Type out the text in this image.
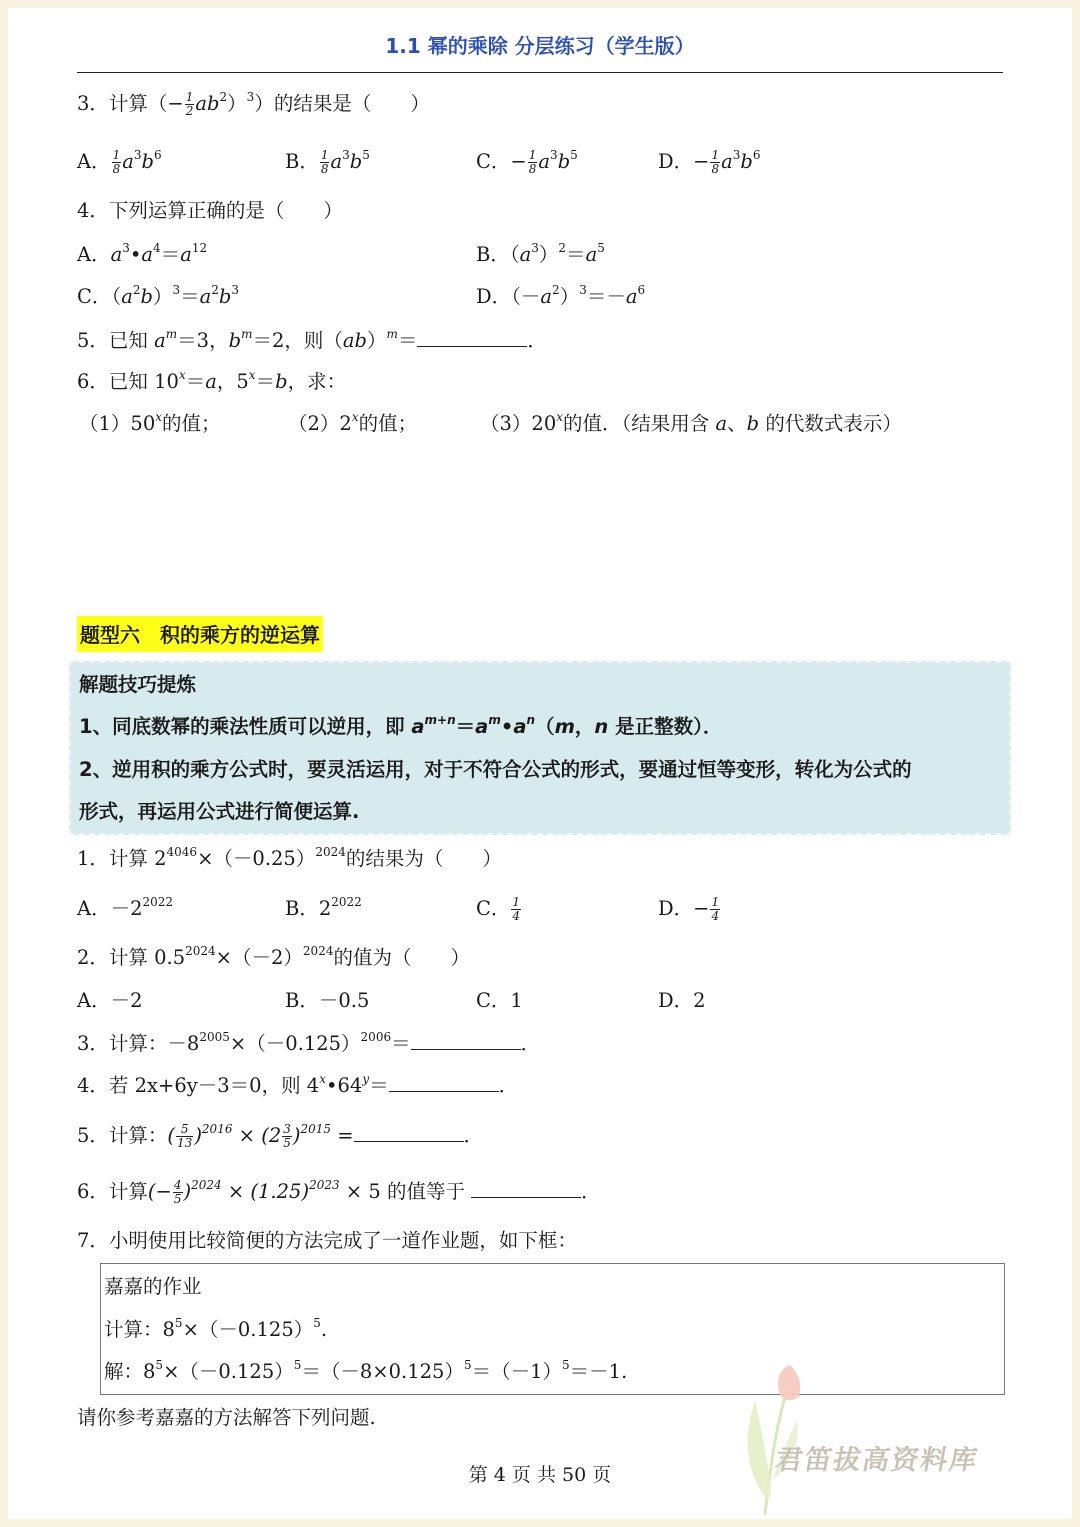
1.1 幂的乘除 分层练习（学生版）
3．计算（− $\frac{1}{2} ab^2)^3$）的结果是（　　）
A． $\frac{1}{8} a^3b^6$	B． $\frac{1}{8} a^3b^5$	C．− $\frac{1}{8} a^3b^5$	D．− $\frac{1}{8} a^3b^6$
4．下列运算正确的是（　　）
A．$a^3•a^4=a^{12}$	B．$(a^3)^2=a^5$
C．$(a^2b)^3=a^2b^3$	D．$(-a^2)^3=-a^6$
5．已知 $a^m=3$，$b^m=2$，则（ab）$^m$＝	．
6．已知 $10^x=a$，$5^x=b$，求：
（1）50$^x$的值；	（2）2$^x$的值；	（3）20$^x$的值．（结果用含 a、b 的代数式表示）
题型六　积的乘方的逆运算
解题技巧提炼
1、同底数幂的乘法性质可以逆用，即 $a^{m+n}=a^m•a^n(m$，n 是正整数）．
2、逆用积的乘方公式时，要灵活运用，对于不符合公式的形式，要通过恒等变形，转化为公式的
形式，再运用公式进行简便运算.
1．计算 $2^{4046}\times(-0.25)^{2024}$的结果为（　　）
A．$-2^{2022}$	B．$2^{2022}$	C． $\frac{1}{4}$	D．− $\frac{1}{4}$
2．计算 $0.5^{2024}\times(-2)^{2024}$的值为（　　）
A．－2	B．－0.5	C．1	D．2
3．计算：$-8^{2005}\times(-0.125)^{2006}=$	．
4．若 2x+6y－3＝0，则 $4^x•64^y=$	．
5．计算：( $\frac{5}{13} )^{2016} \times (2 \frac{3}{5} )^{2015}$ =	．
6．计算(− $\frac{4}{5} )^{2024} \times (1.25)^{2023} \times 5$ 的值等于	．
7．小明使用比较简便的方法完成了一道作业题，如下框：
嘉嘉的作业
计算：$8^5\times(-0.125)^5$.
解：$8^5\times(-0.125)^5=(-8\times 0.125)^5=(-1)^5=-1$.
请你参考嘉嘉的方法解答下列问题.
第 4 页 共 50 页	君笛拔高资料库
